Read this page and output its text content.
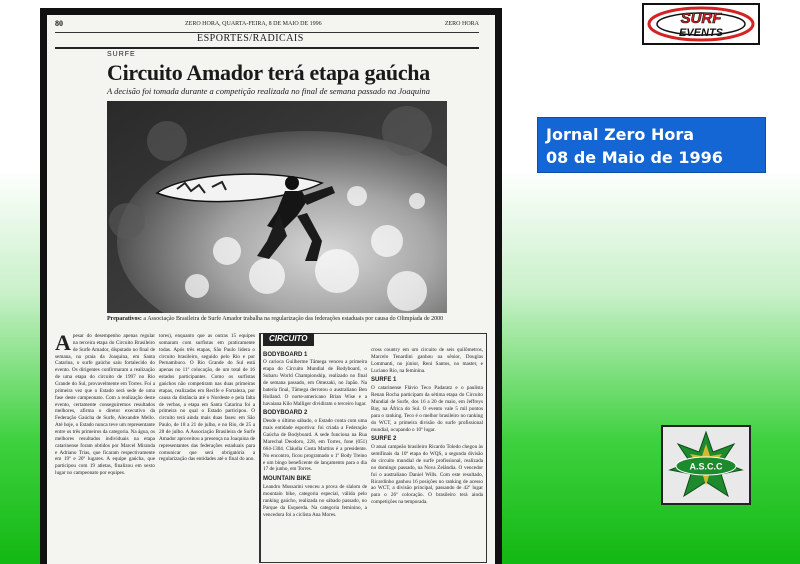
80	ZERO HORA, QUARTA-FEIRA, 8 DE MAIO DE 1996	ZERO HORA
ESPORTES/RADICAIS
SURFE
Circuito Amador terá etapa gaúcha
A decisão foi tomada durante a competição realizada no final de semana passado na Joaquina
Preparativos: a Associação Brasileira de Surfe Amador trabalha na regularização das federações estaduais por causa do Olimpíada de 2000
A pesar do desempenho apenas regular na terceira etapa do Circuito Brasileiro de Surfe Amador, disputado no final de semana, na praia da Joaquina, em Santa Catarina, o surfe gaúcho saiu fortalecido do evento. Os dirigentes confirmaram a realização de uma etapa do circuito de 1997 no Rio Grande do Sul, provavelmente em Torres. Foi a primeira vez que o Estado será sede de uma fase deste campeonato. Com a realização deste evento, certamente conseguiremos resultados melhores, afirma o diretor executivo da Federação Gaúcha de Surfe, Alexandre Mello. Até hoje, o Estado nunca teve um representante entre os três primeiros da categoria. Na água, os melhores resultados individuais na etapa catarinense foram obtidos por Marcel Miranda e Adriano Trias, que ficaram respectivamente em 19º e 20º lugares. A equipe gaúcha, que participou com 19 atletas, finalizou em sexto lugar no campeonato por equipes.
tores), enquanto que as outras 15 equipes somaram com surfistas em praticamente todas. Após três etapas, São Paulo lidera o circuito brasileiro, seguido pelo Rio e por Pernambuco. O Rio Grande do Sul está apenas no 11º colocação, de um total de 16 estados participantes. Como os surfistas gaúchos não competiram nas duas primeiras etapas, realizadas em Recife e Fortaleza, por causa da distância até o Nordeste e pela falta de verbas, a etapa em Santa Catarina foi a primeira no qual o Estado participou. O circuito terá ainda mais duas fases: em São Paulo, de 18 a 21 de julho, e no Rio, de 25 a 28 de julho. A Associação Brasileira de Surfe Amador aproveitou a presença na Joaquina de representantes das federações estaduais para comunicar que será obrigatória a regularização das entidades até o final do ano.
CIRCUITO
BODYBOARD 1
O carioca Guilherme Tâmega venceu a primeira etapa do Circuito Mundial de Bodyboard, o Subaru World Championship, realizado no final de semana passado, em Omezaki, no Japão. Na bateria final, Tâmega derrotou o australiano Ben Holland. O norte-americano Brian Wise e a havaiana Kilo Malliger dividiram o terceiro lugar.
BODYBOARD 2
Desde o último sábado, o Estado conta com uma mais entidade esportiva: foi criada a Federação Gaúcha de Bodyboard. A sede funciona na Rua Marechal Deodoro, 228, em Torres, fone (051) 664-1304. Cláudia Costa Martins é a presidente. No encontro, ficou programado o 1º Body Treino e um bingo beneficente de lançamento para o dia 17 de junho, em Torres.
MOUNTAIN BIKE
Leandro Mussarini venceu a prova de slalom de mountain bike, categoria especial, válida pelo ranking gaúcho, realizada no sábado passado, no Parque da Esquerda. Na categoria feminino, a vencedora foi a ciclista Ana Mores.
cross country em um circuito de seis quilômetros, Marcelo Tenardini ganhou na sênior, Douglas Lommanti, no júnior, Reni Santos, no master, e Luciano Rio, na feminina.
SURFE 1
O catarinense Flávio Teco Padaratz e o paulista Renan Rocha participam da sétima etapa do Circuito Mundial de Surfe, dos 16 a 20 de maio, em Jeffreys Bay, na África do Sul. O evento vale 5 mil pontos para o ranking. Teco é o melhor brasileiro no ranking do WCT, a primeira divisão do surfe profissional mundial, ocupando o 10º lugar.
SURFE 2
O atual campeão brasileiro Ricardo Toledo chegou às semifinais da 10ª etapa do WQS, a segunda divisão do circuito mundial de surfe profissional, realizada no domingo passado, na Nova Zelândia. O vencedor foi o australiano Daniel Wills. Com este resultado, Ricardinho ganhou 16 posições no ranking de acesso ao WCT, a divisão principal, passando de 42º lugar para o 26º colocação. O brasileiro terá ainda competições na temporada.
SURF
EVENTS
Jornal Zero Hora
08 de Maio de 1996
A.S.C.C
